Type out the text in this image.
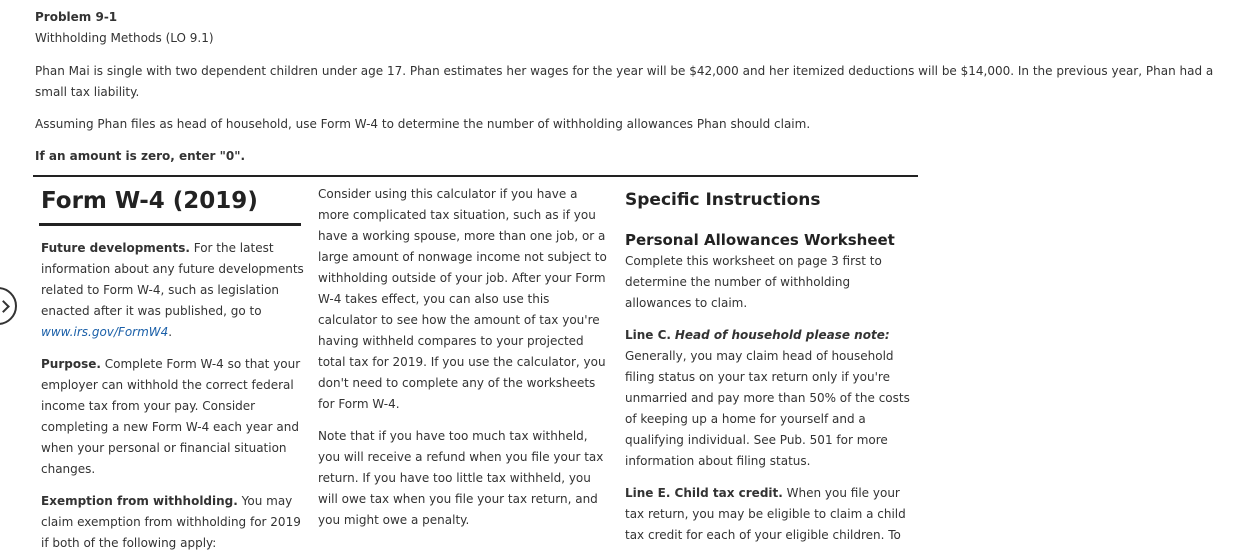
Problem 9-1
Withholding Methods (LO 9.1)
Phan Mai is single with two dependent children under age 17. Phan estimates her wages for the year will be $42,000 and her itemized deductions will be $14,000. In the previous year, Phan had a small tax liability.
Assuming Phan files as head of household, use Form W-4 to determine the number of withholding allowances Phan should claim.
If an amount is zero, enter "0".
Form W-4 (2019)

Future developments. For the latest information about any future developments related to Form W-4, such as legislation enacted after it was published, go to www.irs.gov/FormW4.

Purpose. Complete Form W-4 so that your employer can withhold the correct federal income tax from your pay. Consider completing a new Form W-4 each year and when your personal or financial situation changes.

Exemption from withholding. You may claim exemption from withholding for 2019 if both of the following apply:

Consider using this calculator if you have a more complicated tax situation, such as if you have a working spouse, more than one job, or a large amount of nonwage income not subject to withholding outside of your job. After your Form W-4 takes effect, you can also use this calculator to see how the amount of tax you're having withheld compares to your projected total tax for 2019. If you use the calculator, you don't need to complete any of the worksheets for Form W-4.

Note that if you have too much tax withheld, you will receive a refund when you file your tax return. If you have too little tax withheld, you will owe tax when you file your tax return, and you might owe a penalty.

Specific Instructions
Personal Allowances Worksheet

Complete this worksheet on page 3 first to determine the number of withholding allowances to claim.

Line C. Head of household please note: Generally, you may claim head of household filing status on your tax return only if you're unmarried and pay more than 50% of the costs of keeping up a home for yourself and a qualifying individual. See Pub. 501 for more information about filing status.

Line E. Child tax credit. When you file your tax return, you may be eligible to claim a child tax credit for each of your eligible children. To
